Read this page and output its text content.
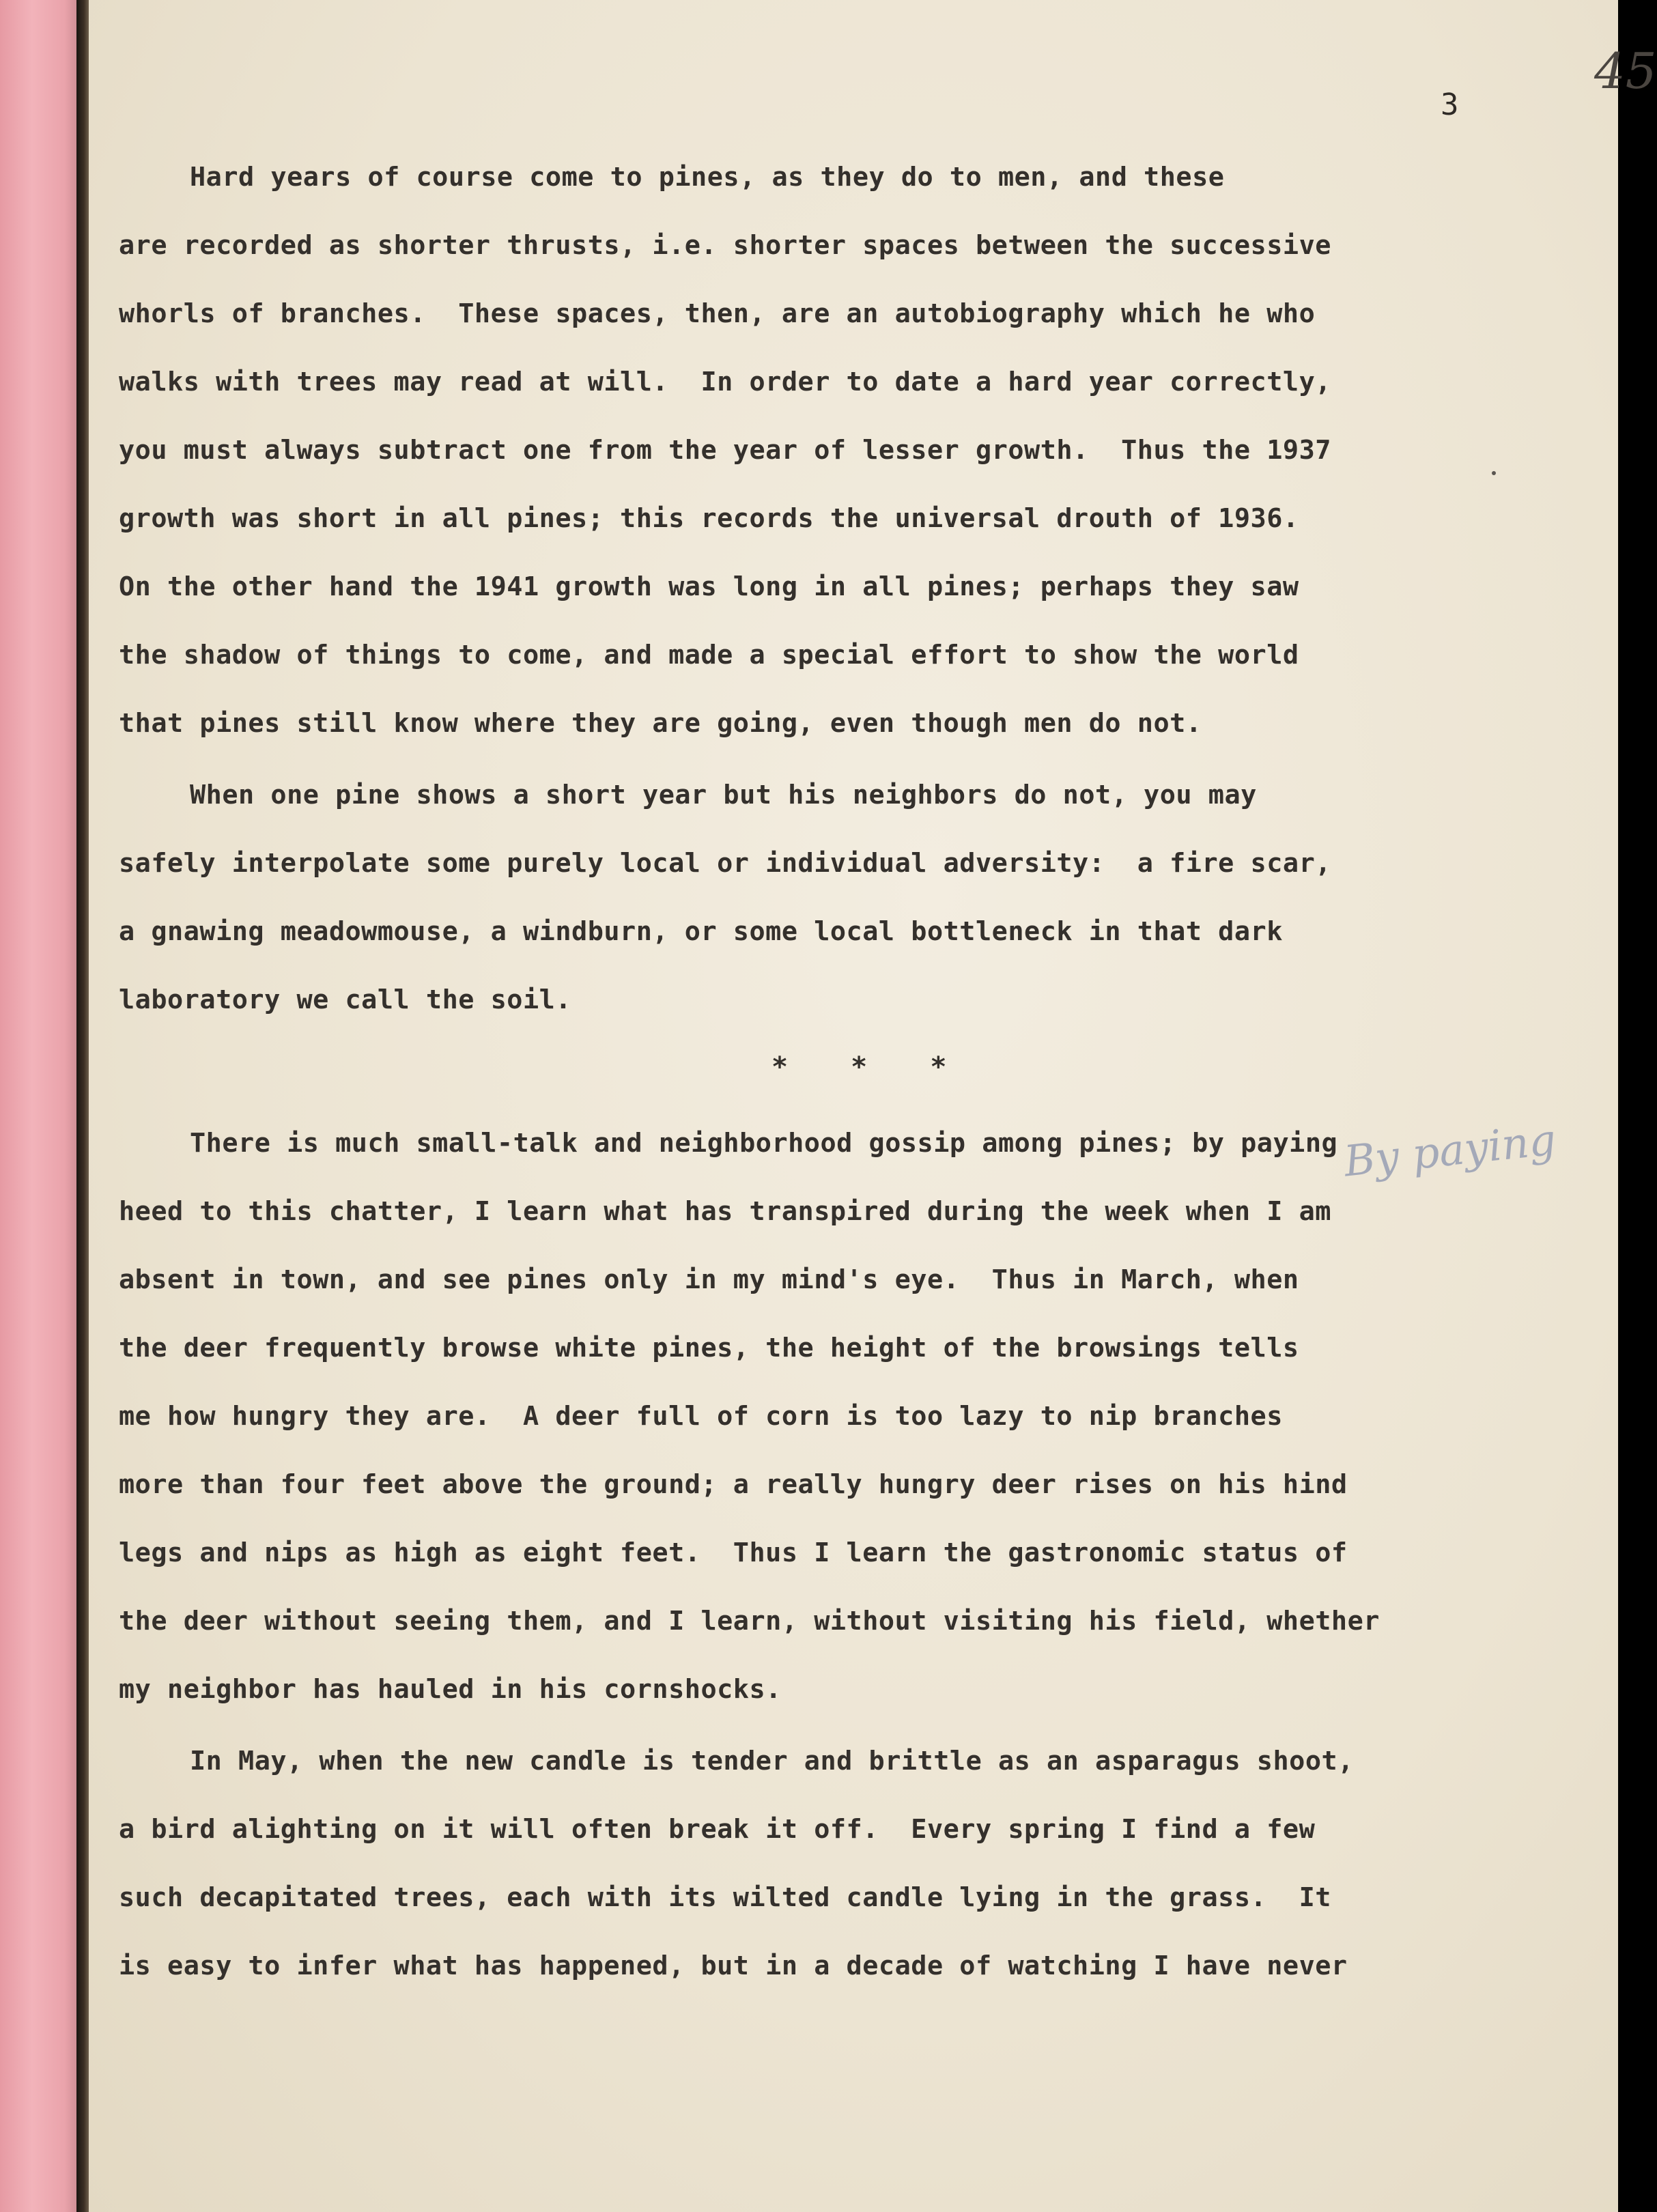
45
3
By paying
Hard years of course come to pines, as they do to men, and these
are recorded as shorter thrusts, i.e. shorter spaces between the successive
whorls of branches.  These spaces, then, are an autobiography which he who
walks with trees may read at will.  In order to date a hard year correctly,
you must always subtract one from the year of lesser growth.  Thus the 1937
growth was short in all pines; this records the universal drouth of 1936.
On the other hand the 1941 growth was long in all pines; perhaps they saw
the shadow of things to come, and made a special effort to show the world
that pines still know where they are going, even though men do not.
When one pine shows a short year but his neighbors do not, you may
safely interpolate some purely local or individual adversity:  a fire scar,
a gnawing meadowmouse, a windburn, or some local bottleneck in that dark
laboratory we call the soil.
* * *
There is much small-talk and neighborhood gossip among pines; by paying
heed to this chatter, I learn what has transpired during the week when I am
absent in town, and see pines only in my mind's eye.  Thus in March, when
the deer frequently browse white pines, the height of the browsings tells
me how hungry they are.  A deer full of corn is too lazy to nip branches
more than four feet above the ground; a really hungry deer rises on his hind
legs and nips as high as eight feet.  Thus I learn the gastronomic status of
the deer without seeing them, and I learn, without visiting his field, whether
my neighbor has hauled in his cornshocks.
In May, when the new candle is tender and brittle as an asparagus shoot,
a bird alighting on it will often break it off.  Every spring I find a few
such decapitated trees, each with its wilted candle lying in the grass.  It
is easy to infer what has happened, but in a decade of watching I have never
